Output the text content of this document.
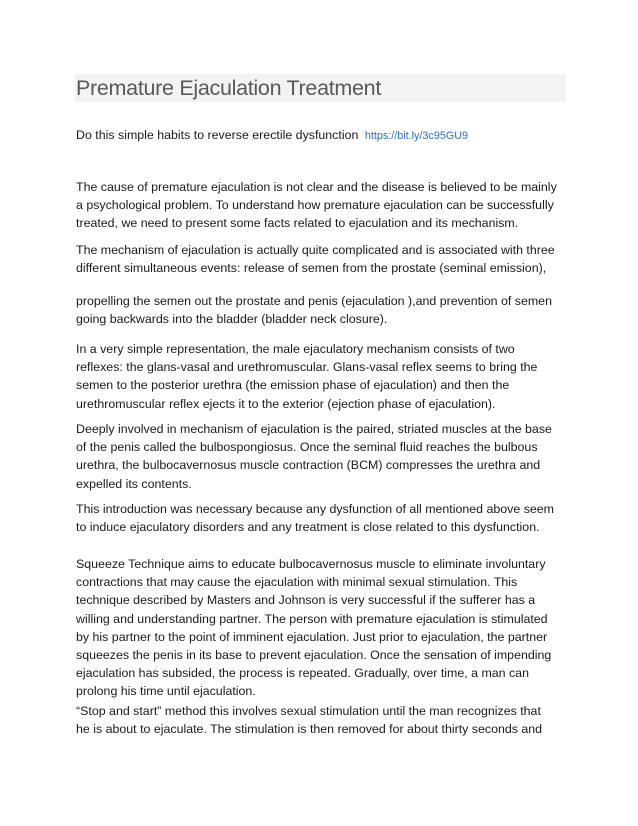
Premature Ejaculation Treatment
Do this simple habits to reverse erectile dysfunction https://bit.ly/3c95GU9
The cause of premature ejaculation is not clear and the disease is believed to be mainly
a psychological problem. To understand how premature ejaculation can be successfully
treated, we need to present some facts related to ejaculation and its mechanism.
The mechanism of ejaculation is actually quite complicated and is associated with three
different simultaneous events: release of semen from the prostate (seminal emission),
propelling the semen out the prostate and penis (ejaculation ),and prevention of semen
going backwards into the bladder (bladder neck closure).
In a very simple representation, the male ejaculatory mechanism consists of two
reflexes: the glans-vasal and urethromuscular. Glans-vasal reflex seems to bring the
semen to the posterior urethra (the emission phase of ejaculation) and then the
urethromuscular reflex ejects it to the exterior (ejection phase of ejaculation).
Deeply involved in mechanism of ejaculation is the paired, striated muscles at the base
of the penis called the bulbospongiosus. Once the seminal fluid reaches the bulbous
urethra, the bulbocavernosus muscle contraction (BCM) compresses the urethra and
expelled its contents.
This introduction was necessary because any dysfunction of all mentioned above seem
to induce ejaculatory disorders and any treatment is close related to this dysfunction.
Squeeze Technique aims to educate bulbocavernosus muscle to eliminate involuntary
contractions that may cause the ejaculation with minimal sexual stimulation. This
technique described by Masters and Johnson is very successful if the sufferer has a
willing and understanding partner. The person with premature ejaculation is stimulated
by his partner to the point of imminent ejaculation. Just prior to ejaculation, the partner
squeezes the penis in its base to prevent ejaculation. Once the sensation of impending
ejaculation has subsided, the process is repeated. Gradually, over time, a man can
prolong his time until ejaculation.
“Stop and start” method this involves sexual stimulation until the man recognizes that
he is about to ejaculate. The stimulation is then removed for about thirty seconds and
